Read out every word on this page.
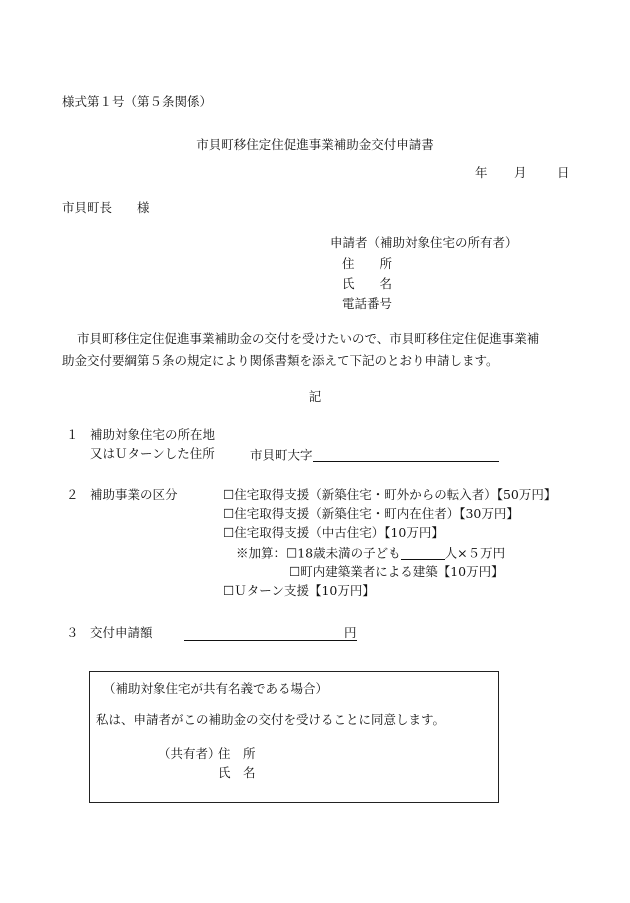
様式第１号（第５条関係）
市貝町移住定住促進事業補助金交付申請書
年 月 日
市貝町長　　様
申請者（補助対象住宅の所有者）
住　　所
氏　　名
電話番号
市貝町移住定住促進事業補助金の交付を受けたいので、市貝町移住定住促進事業補
助金交付要綱第５条の規定により関係書類を添えて下記のとおり申請します。
記
１ 補助対象住宅の所在地
又はＵターンした住所	市貝町大字
２ 補助事業の区分	☐住宅取得支援（新築住宅・町外からの転入者）【50万円】
☐住宅取得支援（新築住宅・町内在住者）【30万円】
☐住宅取得支援（中古住宅）【10万円】
※加算：☐18歳未満の子ども	人×５万円
☐町内建築業者による建築【10万円】
☐Ｕターン支援【10万円】
３ 交付申請額	円
（補助対象住宅が共有名義である場合）
私は、申請者がこの補助金の交付を受けることに同意します。
（共有者）
住　所
氏　名
